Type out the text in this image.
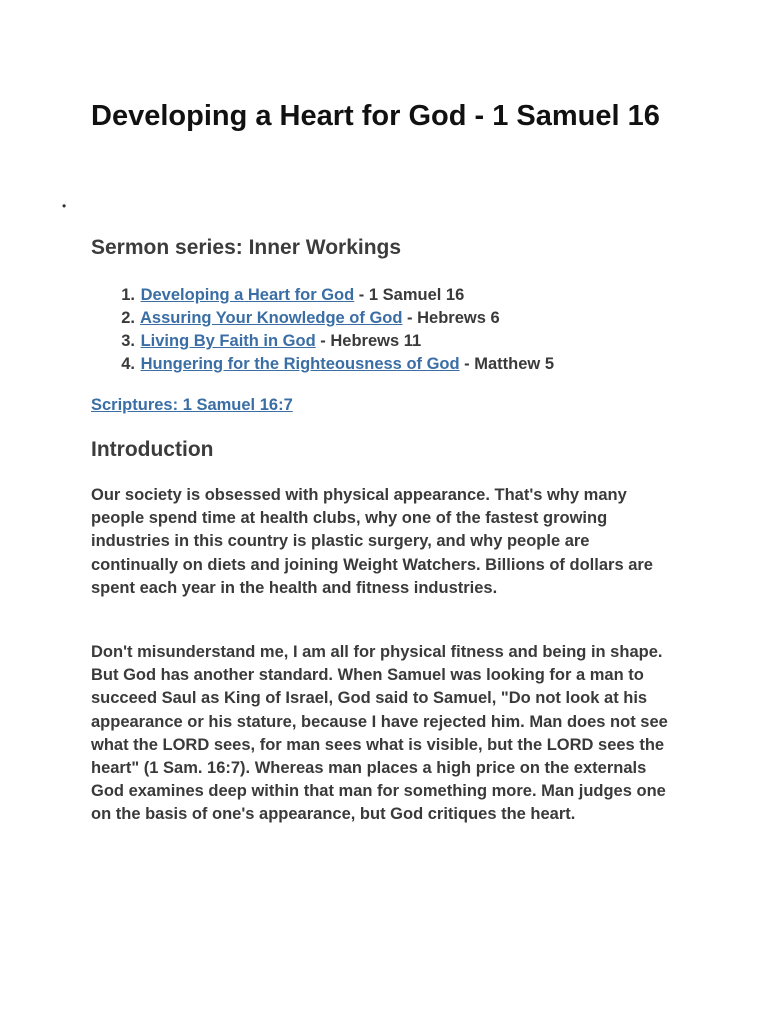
Developing a Heart for God - 1 Samuel 16
•
Sermon series: Inner Workings
1. Developing a Heart for God - 1 Samuel 16
2. Assuring Your Knowledge of God - Hebrews 6
3. Living By Faith in God - Hebrews 11
4. Hungering for the Righteousness of God - Matthew 5
Scriptures: 1 Samuel 16:7
Introduction

Our society is obsessed with physical appearance. That's why many people spend time at health clubs, why one of the fastest growing industries in this country is plastic surgery, and why people are continually on diets and joining Weight Watchers. Billions of dollars are spent each year in the health and fitness industries.

Don't misunderstand me, I am all for physical fitness and being in shape. But God has another standard. When Samuel was looking for a man to succeed Saul as King of Israel, God said to Samuel, "Do not look at his appearance or his stature, because I have rejected him. Man does not see what the LORD sees, for man sees what is visible, but the LORD sees the heart" (1 Sam. 16:7). Whereas man places a high price on the externals God examines deep within that man for something more. Man judges one on the basis of one's appearance, but God critiques the heart.
